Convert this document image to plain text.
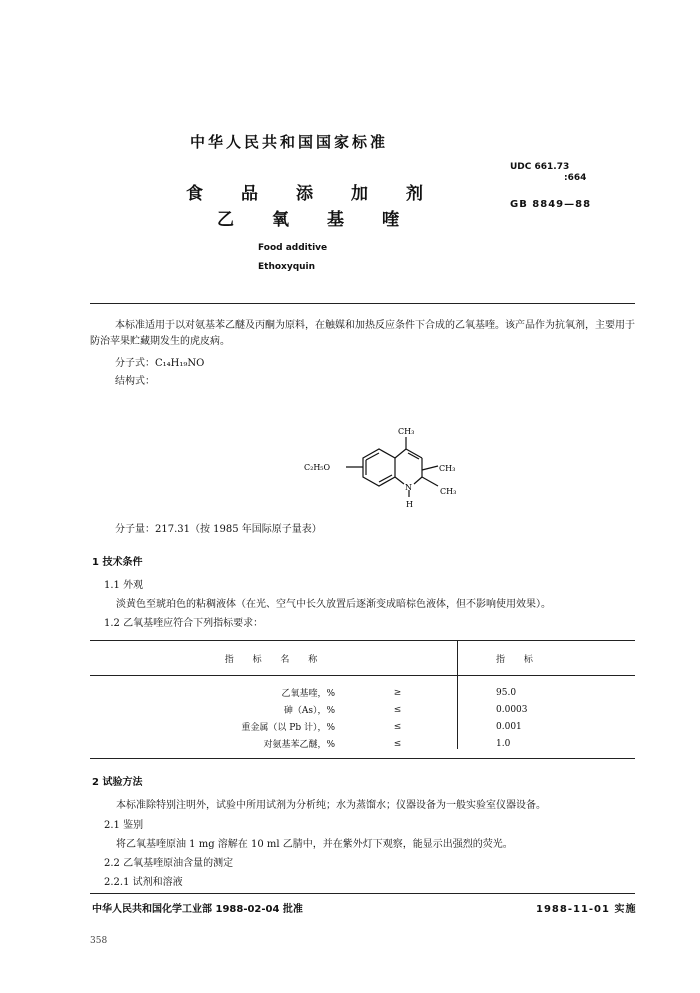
中华人民共和国国家标准
食 品 添 加 剂
乙 氧 基 喹
Food additive
Ethoxyquin
UDC 661.73
:664
GB 8849—88
本标准适用于以对氨基苯乙醚及丙酮为原料，在触媒和加热反应条件下合成的乙氧基喹。该产品作为抗氧剂，主要用于防治苹果贮藏期发生的虎皮病。
分子式：C₁₄H₁₉NO
结构式：
CH₃
C₂H₅O	CH₃
CH₃
N
H
分子量：217.31（按 1985 年国际原子量表）
1 技术条件
1.1 外观
淡黄色至琥珀色的粘稠液体（在光、空气中长久放置后逐渐变成暗棕色液体，但不影响使用效果）。
1.2 乙氧基喹应符合下列指标要求：
指 标 名 称		指 标
乙氧基喹，%	≥	95.0
砷（As），%	≤	0.0003
重金属（以 Pb 计），%	≤	0.001
对氨基苯乙醚，%	≤	1.0
2 试验方法
本标准除特别注明外，试验中所用试剂为分析纯；水为蒸馏水；仪器设备为一般实验室仪器设备。
2.1 鉴别
将乙氧基喹原油 1 mg 溶解在 10 ml 乙腈中，并在紫外灯下观察，能显示出强烈的荧光。
2.2 乙氧基喹原油含量的测定
2.2.1 试剂和溶液
中华人民共和国化学工业部 1988-02-04 批准	1988-11-01 实施
358
